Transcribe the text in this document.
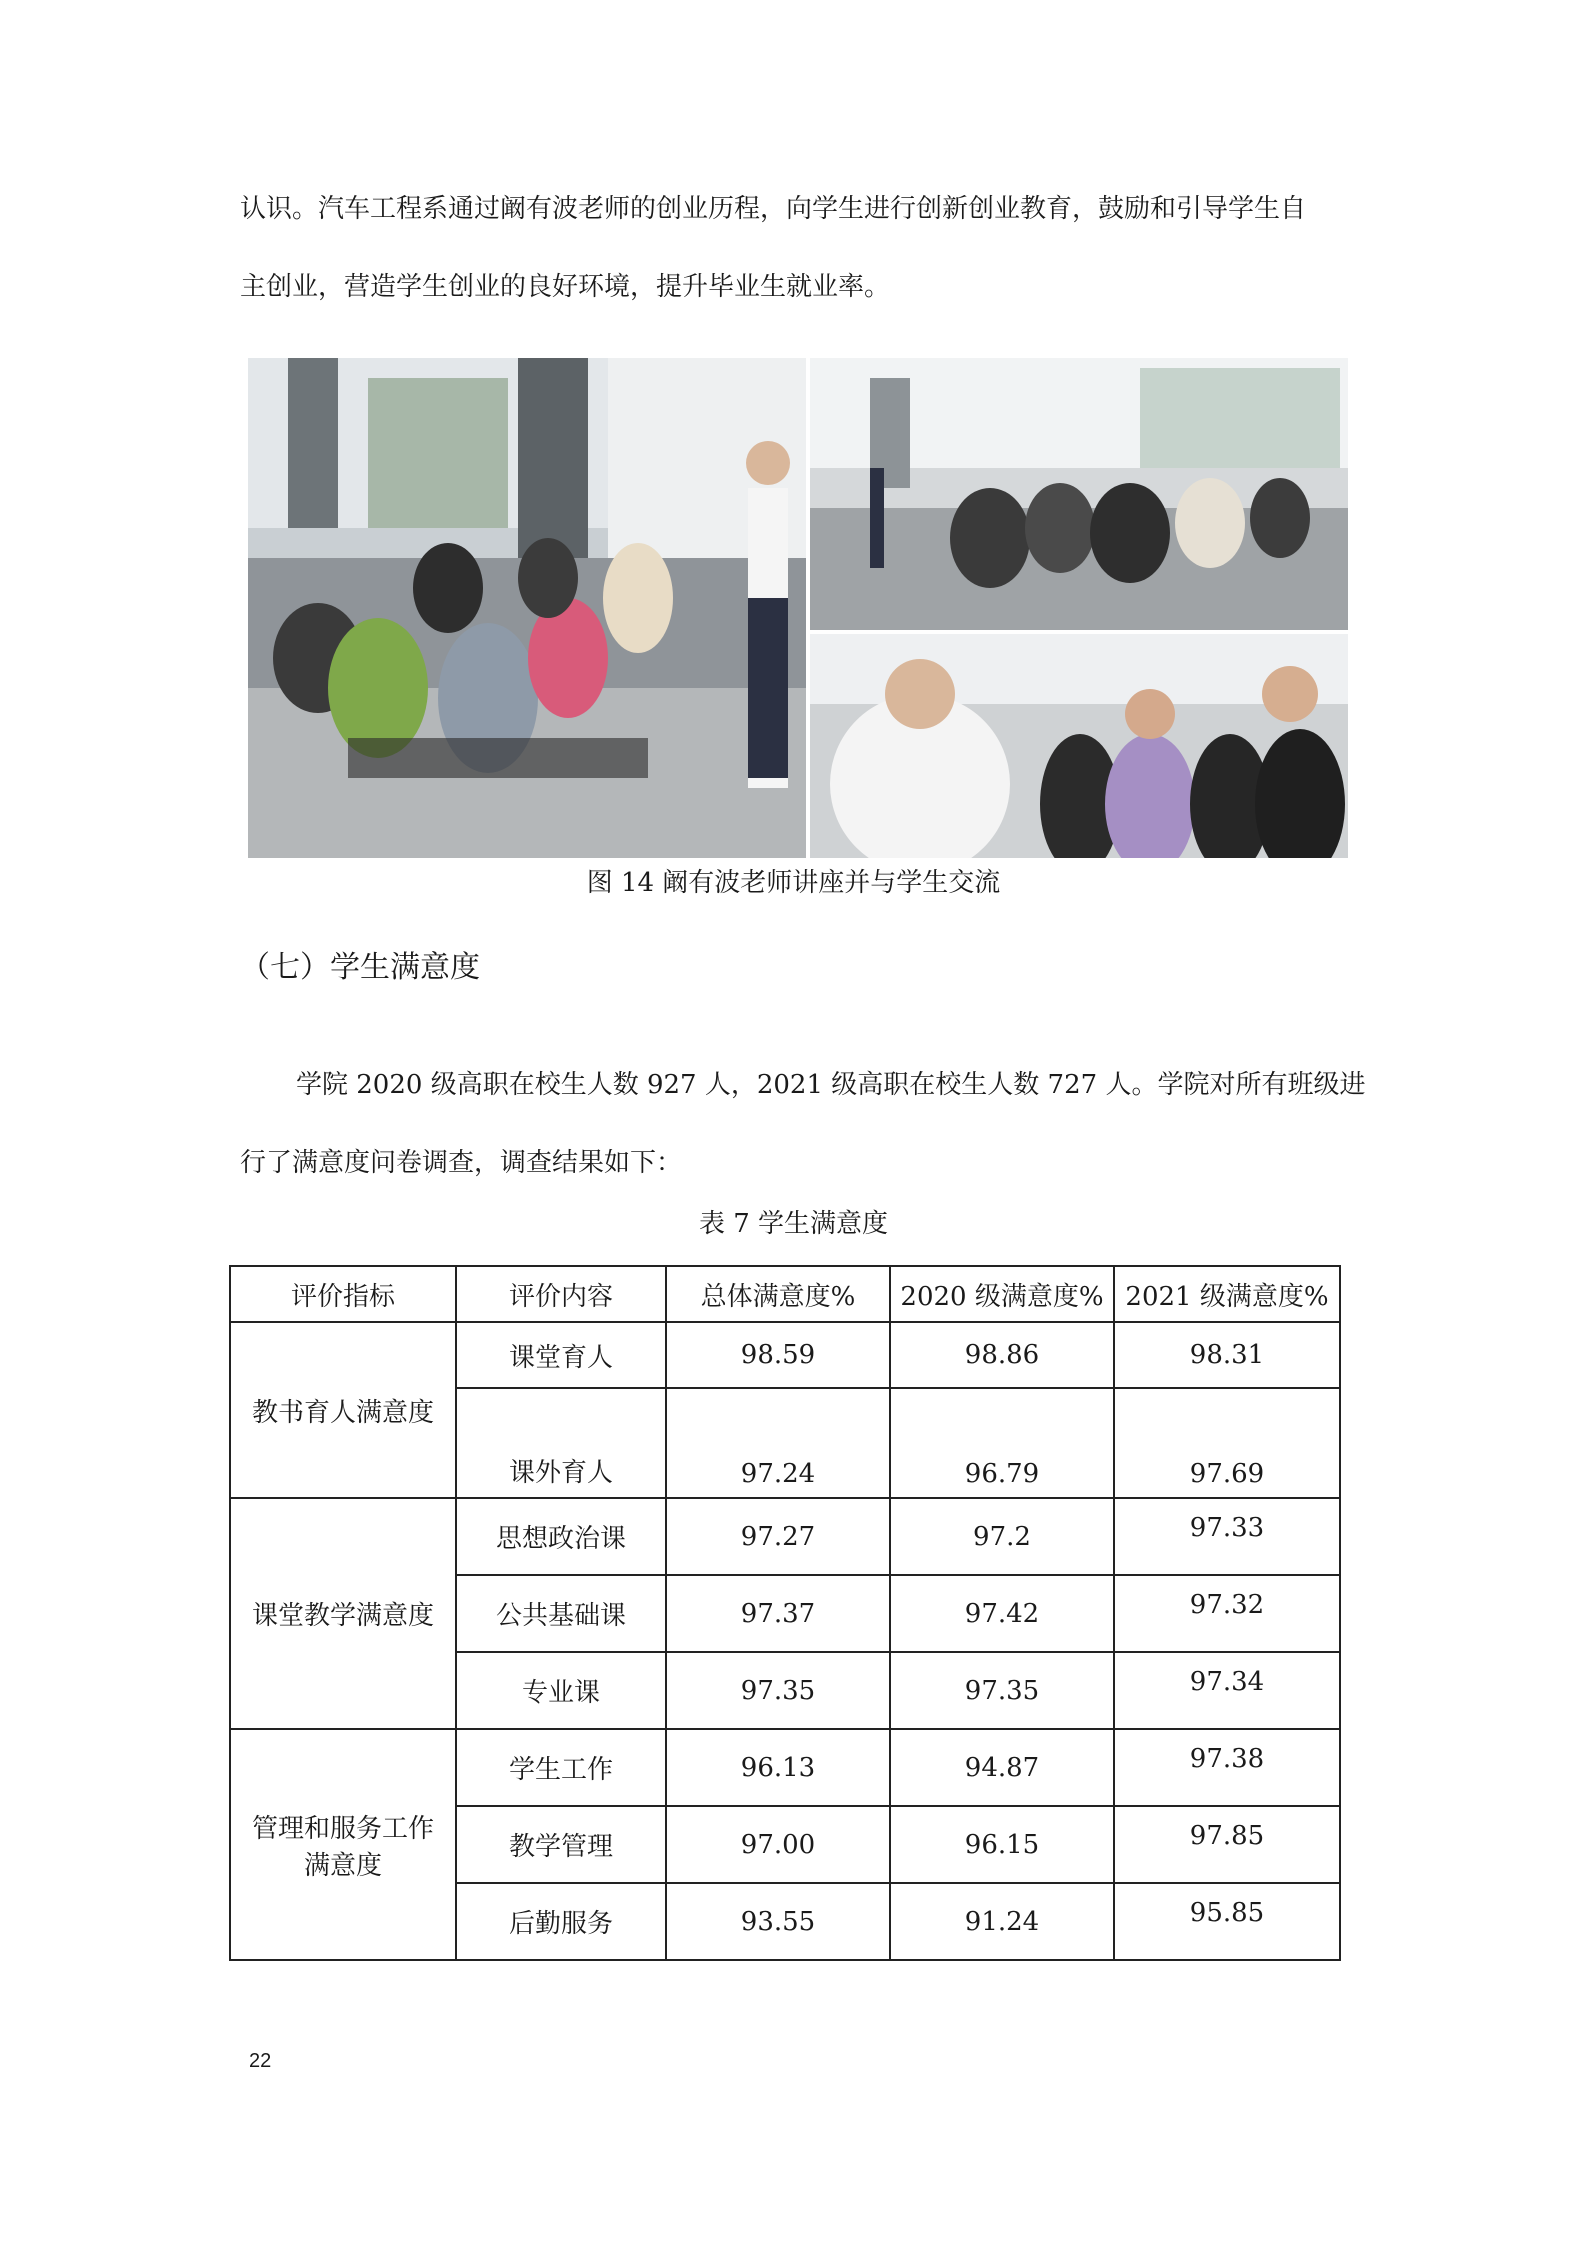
认识。汽车工程系通过阚有波老师的创业历程，向学生进行创新创业教育，鼓励和引导学生自
主创业，营造学生创业的良好环境，提升毕业生就业率。

图 14 阚有波老师讲座并与学生交流
（七）学生满意度

学院 2020 级高职在校生人数 927 人，2021 级高职在校生人数 727 人。学院对所有班级进
行了满意度问卷调查，调查结果如下：

表 7 学生满意度
评价指标	评价内容	总体满意度%	2020 级满意度%	2021 级满意度%
教书育人满意度	课堂育人	98.59	98.86	98.31
	课外育人	97.24	96.79	97.69
课堂教学满意度	思想政治课	97.27	97.2	97.33
	公共基础课	97.37	97.42	97.32
	专业课	97.35	97.35	97.34
管理和服务工作
满意度	学生工作	96.13	94.87	97.38
	教学管理	97.00	96.15	97.85
	后勤服务	93.55	91.24	95.85
22
